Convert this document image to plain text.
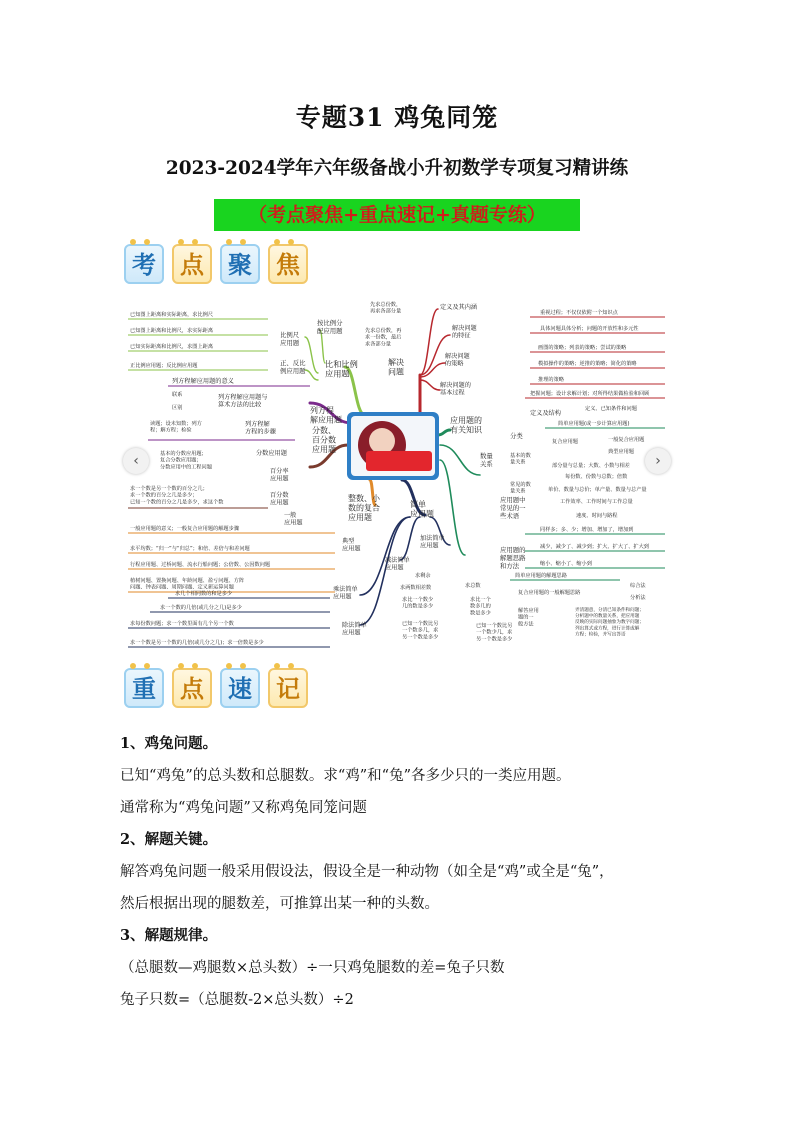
专题31 鸡兔同笼
2023-2024学年六年级备战小升初数学专项复习精讲练
（考点聚焦+重点速记+真题专练）
考	点	聚	焦
‹	›
比和比例
应用题
按比例分
配应用题
先求总份数，
再求各部分量
先求总份数，再
求一份数，最后
求各部分量
比例尺
应用题
已知图上距离和实际距离，求比例尺
已知图上距离和比例尺，求实际距离
已知实际距离和比例尺，求图上距离
正、反比
例应用题
正比例应用题；反比例应用题
列方程
解应用题
列方程解应用题的意义
联系
区别
列方程解应用题与
算术方法的比较
读题；设未知数；列方
程；解方程；检验
列方程解
方程的步骤	分数、
百分数
应用题
分数应用题
基本的分数应用题；
复合分数应用题；
分数应用中的工程问题
百分率
应用题
百分数
应用题
求一个数是另一个数的百分之几；
求一个数的百分之几是多少；
已知一个数的百分之几是多少，求这个数	整数、小
数的复合
应用题
一般
应用题
一般应用题的意义；一般复合应用题的解题步骤
典型
应用题
求平均数；“归一”与“归总”；和倍、差倍与和差问题
行程应用题、过桥问题、流水行船问题；公倍数、公因数问题
植树问题、置换问题、年龄问题、盈亏问题、方阵
问题、钟表问题、周期问题、定义新运算问题
简单
应用题
乘法简单
应用题
求几个相同数的和是多少
求一个数的几倍(或几分之几)是多少
除法简单
应用题
求每份数问题；求一个数里面有几个另一个数
求一个数是另一个数的几倍(或几分之几)；求一倍数是多少
减法简单
应用题
求剩余
求两数相差数
求比一个数少
几的数是多少
已知一个数比另
一个数多几，求
另一个数是多少
加法简单
应用题
求总数
求比一个
数多几的
数是多少
已知一个数比另
一个数少几，求
另一个数是多少
解决
问题
定义及其内涵
解决问题
的特征
重视过程；不仅仅依附一个知识点
具体问题具体分析；问题的开放性和多元性
解决问题
的策略
画图的策略；列表的策略；尝试的策略
模拟操作的策略；逆推的策略；简化的策略
推理的策略
解决问题的
基本过程	把握问题；设计求解计划；对所得结果做检验和回顾
应用题的
有关知识
定义及结构
定义、已知条件和问题
分类
简单应用题(或一步计算应用题)
复合应用题	一般复合应用题
典型应用题
数量
关系
基本的数
量关系
部分量与总量；大数、小数与相差
每份数、份数与总数；倍数
常见的数
量关系	单价、数量与总价；单产量、数量与总产量
工作效率、工作时间与工作总量
速度、时间与路程
应用题中
常见的一
些术语
同样多；多、少；增加、增加了，增加到
减少，减少了、减少到；扩大、扩大了、扩大到
缩小、缩小了、缩小到
应用题的
解题思路
和方法
简单应用题的解题思路
复合应用题的一般解题思路
综合法
分析法
解答应用
题的一
般方法
弄清题意，分清已知条件和问题；
分析题中的数量关系，把应用题
反映的实际问题抽象为数字问题；
列出算式或方程，进行计算或解
方程；检验，并写出答语
重	点	速	记

1、鸡兔问题。

已知“鸡兔”的总头数和总腿数。求“鸡”和“兔”各多少只的一类应用题。

通常称为“鸡兔问题”又称鸡兔同笼问题

2、解题关键。

解答鸡兔问题一般采用假设法，假设全是一种动物（如全是“鸡”或全是“兔”，

然后根据出现的腿数差，可推算出某一种的头数。

3、解题规律。

（总腿数—鸡腿数×总头数）÷一只鸡兔腿数的差=兔子只数

兔子只数=（总腿数-2×总头数）÷2
